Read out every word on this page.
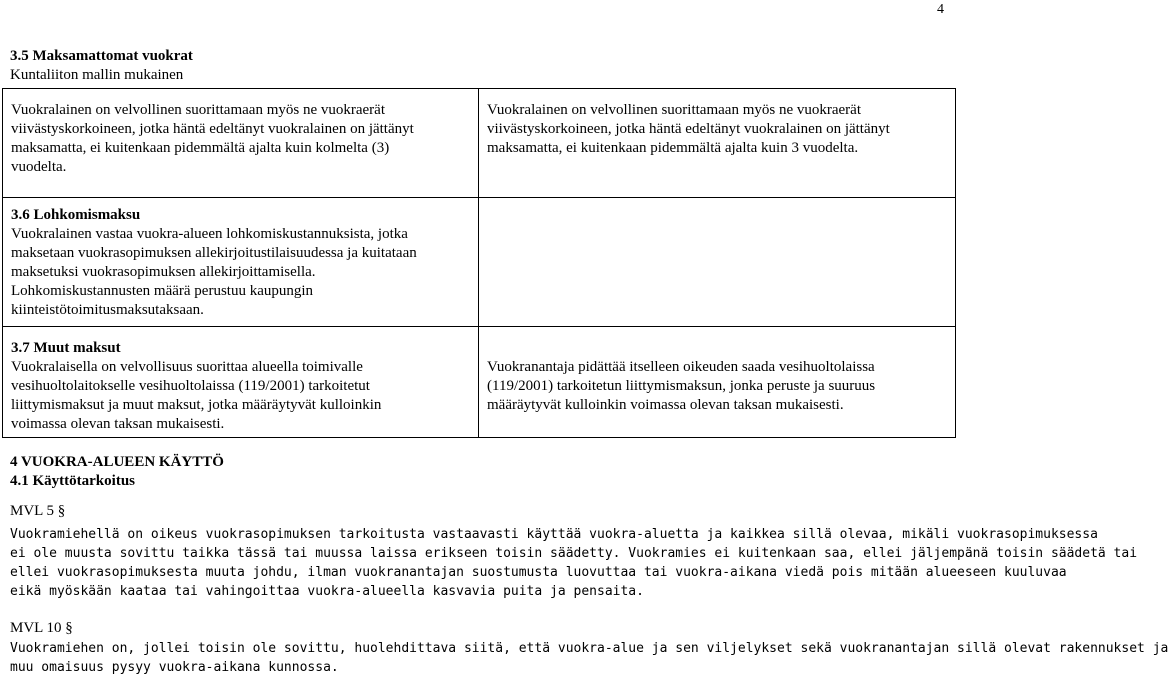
4
3.5 Maksamattomat vuokrat
Kuntaliiton mallin mukainen
Vuokralainen on velvollinen suorittamaan myös ne vuokraerät
viivästyskorkoineen, jotka häntä edeltänyt vuokralainen on jättänyt
maksamatta, ei kuitenkaan pidemmältä ajalta kuin kolmelta (3)
vuodelta.
Vuokralainen on velvollinen suorittamaan myös ne vuokraerät
viivästyskorkoineen, jotka häntä edeltänyt vuokralainen on jättänyt
maksamatta, ei kuitenkaan pidemmältä ajalta kuin 3 vuodelta.
3.6 Lohkomismaksu
Vuokralainen vastaa vuokra-alueen lohkomiskustannuksista, jotka
maksetaan vuokrasopimuksen allekirjoitustilaisuudessa ja kuitataan
maksetuksi vuokrasopimuksen allekirjoittamisella.
Lohkomiskustannusten määrä perustuu kaupungin
kiinteistötoimitusmaksutaksaan.
3.7 Muut maksut
Vuokralaisella on velvollisuus suorittaa alueella toimivalle
vesihuoltolaitokselle vesihuoltolaissa (119/2001) tarkoitetut
liittymismaksut ja muut maksut, jotka määräytyvät kulloinkin
voimassa olevan taksan mukaisesti.
Vuokranantaja pidättää itselleen oikeuden saada vesihuoltolaissa
(119/2001) tarkoitetun liittymismaksun, jonka peruste ja suuruus
määräytyvät kulloinkin voimassa olevan taksan mukaisesti.
4 VUOKRA-ALUEEN KÄYTTÖ
4.1 Käyttötarkoitus
MVL 5 §
Vuokramiehellä on oikeus vuokrasopimuksen tarkoitusta vastaavasti käyttää vuokra-aluetta ja kaikkea sillä olevaa, mikäli vuokrasopimuksessa
ei ole muusta sovittu taikka tässä tai muussa laissa erikseen toisin säädetty. Vuokramies ei kuitenkaan saa, ellei jäljempänä toisin säädetä tai
ellei vuokrasopimuksesta muuta johdu, ilman vuokranantajan suostumusta luovuttaa tai vuokra-aikana viedä pois mitään alueeseen kuuluvaa
eikä myöskään kaataa tai vahingoittaa vuokra-alueella kasvavia puita ja pensaita.
MVL 10 §
Vuokramiehen on, jollei toisin ole sovittu, huolehdittava siitä, että vuokra-alue ja sen viljelykset sekä vuokranantajan sillä olevat rakennukset ja
muu omaisuus pysyy vuokra-aikana kunnossa.
